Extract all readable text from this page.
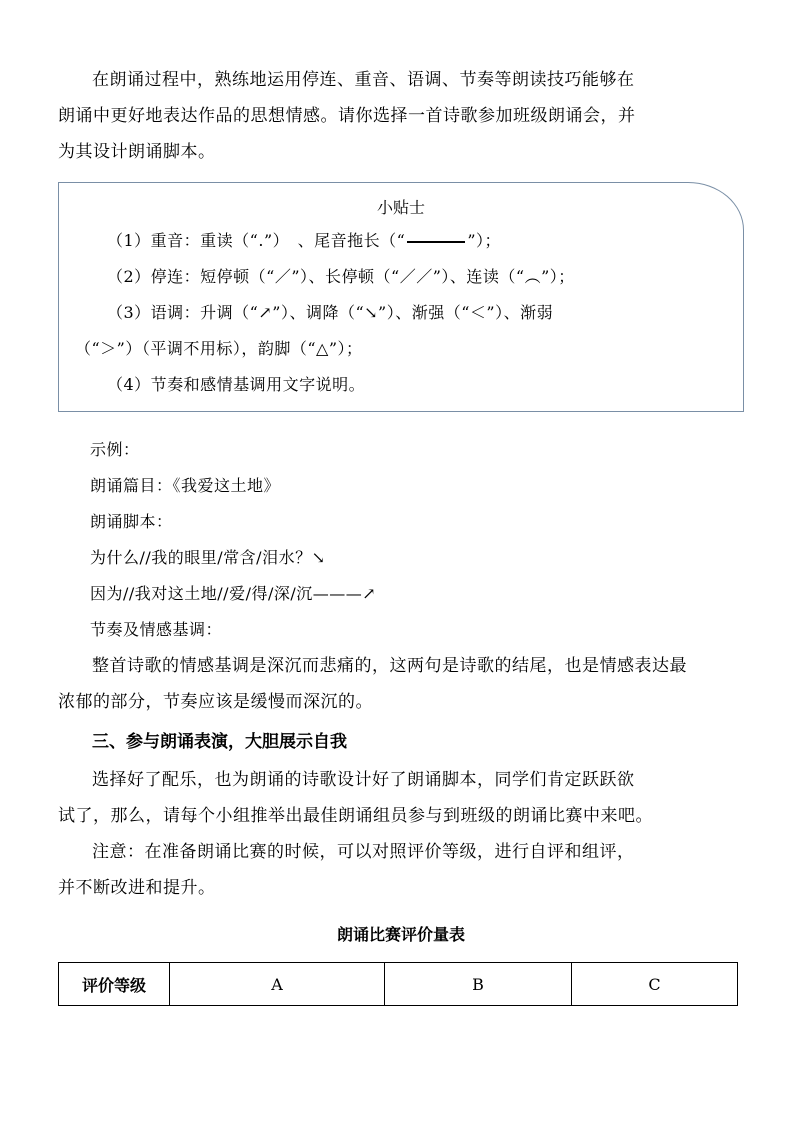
在朗诵过程中，熟练地运用停连、重音、语调、节奏等朗读技巧能够在

朗诵中更好地表达作品的思想情感。请你选择一首诗歌参加班级朗诵会，并

为其设计朗诵脚本。

小贴士

（1）重音：重读（“.”）　、尾音拖长（“	”）；

（2）停连：短停顿（“／”）、长停顿（“／／”）、连读（“︵”）；

（3）语调：升调（“↗”）、调降（“↘”）、渐强（“＜”）、渐弱

（“＞”）（平调不用标），韵脚（“△”）；

（4）节奏和感情基调用文字说明。

示例：

朗诵篇目：《我爱这土地》

朗诵脚本：

为什么//我的眼里/常含/泪水？↘

因为//我对这土地//爱/得/深/沉———↗

节奏及情感基调：

整首诗歌的情感基调是深沉而悲痛的，这两句是诗歌的结尾，也是情感表达最

浓郁的部分，节奏应该是缓慢而深沉的。

三、参与朗诵表演，大胆展示自我

选择好了配乐，也为朗诵的诗歌设计好了朗诵脚本，同学们肯定跃跃欲

试了，那么，请每个小组推举出最佳朗诵组员参与到班级的朗诵比赛中来吧。

注意：在准备朗诵比赛的时候，可以对照评价等级，进行自评和组评，

并不断改进和提升。

朗诵比赛评价量表
评价等级	A	B	C
